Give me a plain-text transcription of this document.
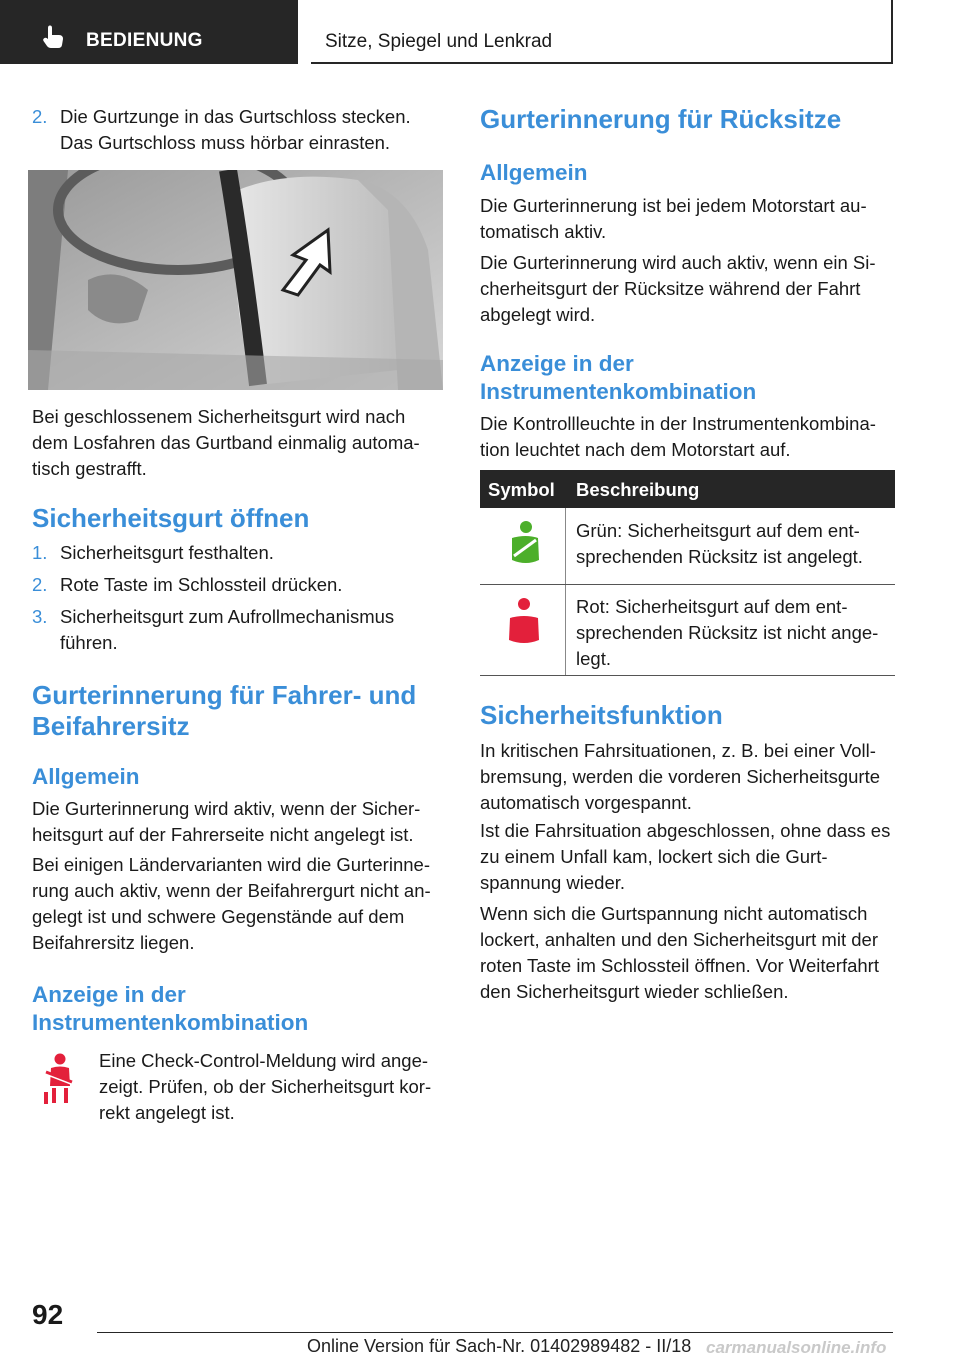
BEDIENUNG	Sitze, Spiegel und Lenkrad
2. Die Gurtzunge in das Gurtschloss stecken. Das Gurtschloss muss hörbar einrasten.

Bei geschlossenem Sicherheitsgurt wird nach dem Losfahren das Gurtband einmalig automatisch gestrafft.

Sicherheitsgurt öffnen
1. Sicherheitsgurt festhalten.
2. Rote Taste im Schlossteil drücken.
3. Sicherheitsgurt zum Aufrollmechanismus führen.
Gurterinnerung für Fahrer- und Beifahrersitz
Allgemein

Die Gurterinnerung wird aktiv, wenn der Sicherheitsgurt auf der Fahrerseite nicht angelegt ist.

Bei einigen Ländervarianten wird die Gurterinnerung auch aktiv, wenn der Beifahrergurt nicht angelegt ist und schwere Gegenstände auf dem Beifahrersitz liegen.

Anzeige in der Instrumentenkombination

Eine Check-Control-Meldung wird angezeigt. Prüfen, ob der Sicherheitsgurt korrekt angelegt ist.

Gurterinnerung für Rücksitze
Allgemein

Die Gurterinnerung ist bei jedem Motorstart automatisch aktiv.

Die Gurterinnerung wird auch aktiv, wenn ein Sicherheitsgurt der Rücksitze während der Fahrt abgelegt wird.

Anzeige in der Instrumentenkombination

Die Kontrollleuchte in der Instrumentenkombination leuchtet nach dem Motorstart auf.

Symbol Beschreibung
Grün: Sicherheitsgurt auf dem entsprechenden Rücksitz ist angelegt.
Rot: Sicherheitsgurt auf dem entsprechenden Rücksitz ist nicht angelegt.
Sicherheitsfunktion

In kritischen Fahrsituationen, z. B. bei einer Vollbremsung, werden die vorderen Sicherheitsgurte automatisch vorgespannt.

Ist die Fahrsituation abgeschlossen, ohne dass es zu einem Unfall kam, lockert sich die Gurtspannung wieder.

Wenn sich die Gurtspannung nicht automatisch lockert, anhalten und den Sicherheitsgurt mit der roten Taste im Schlossteil öffnen. Vor Weiterfahrt den Sicherheitsgurt wieder schließen.

92
Online Version für Sach-Nr. 01402989482 - II/18 carmanualsonline.info
